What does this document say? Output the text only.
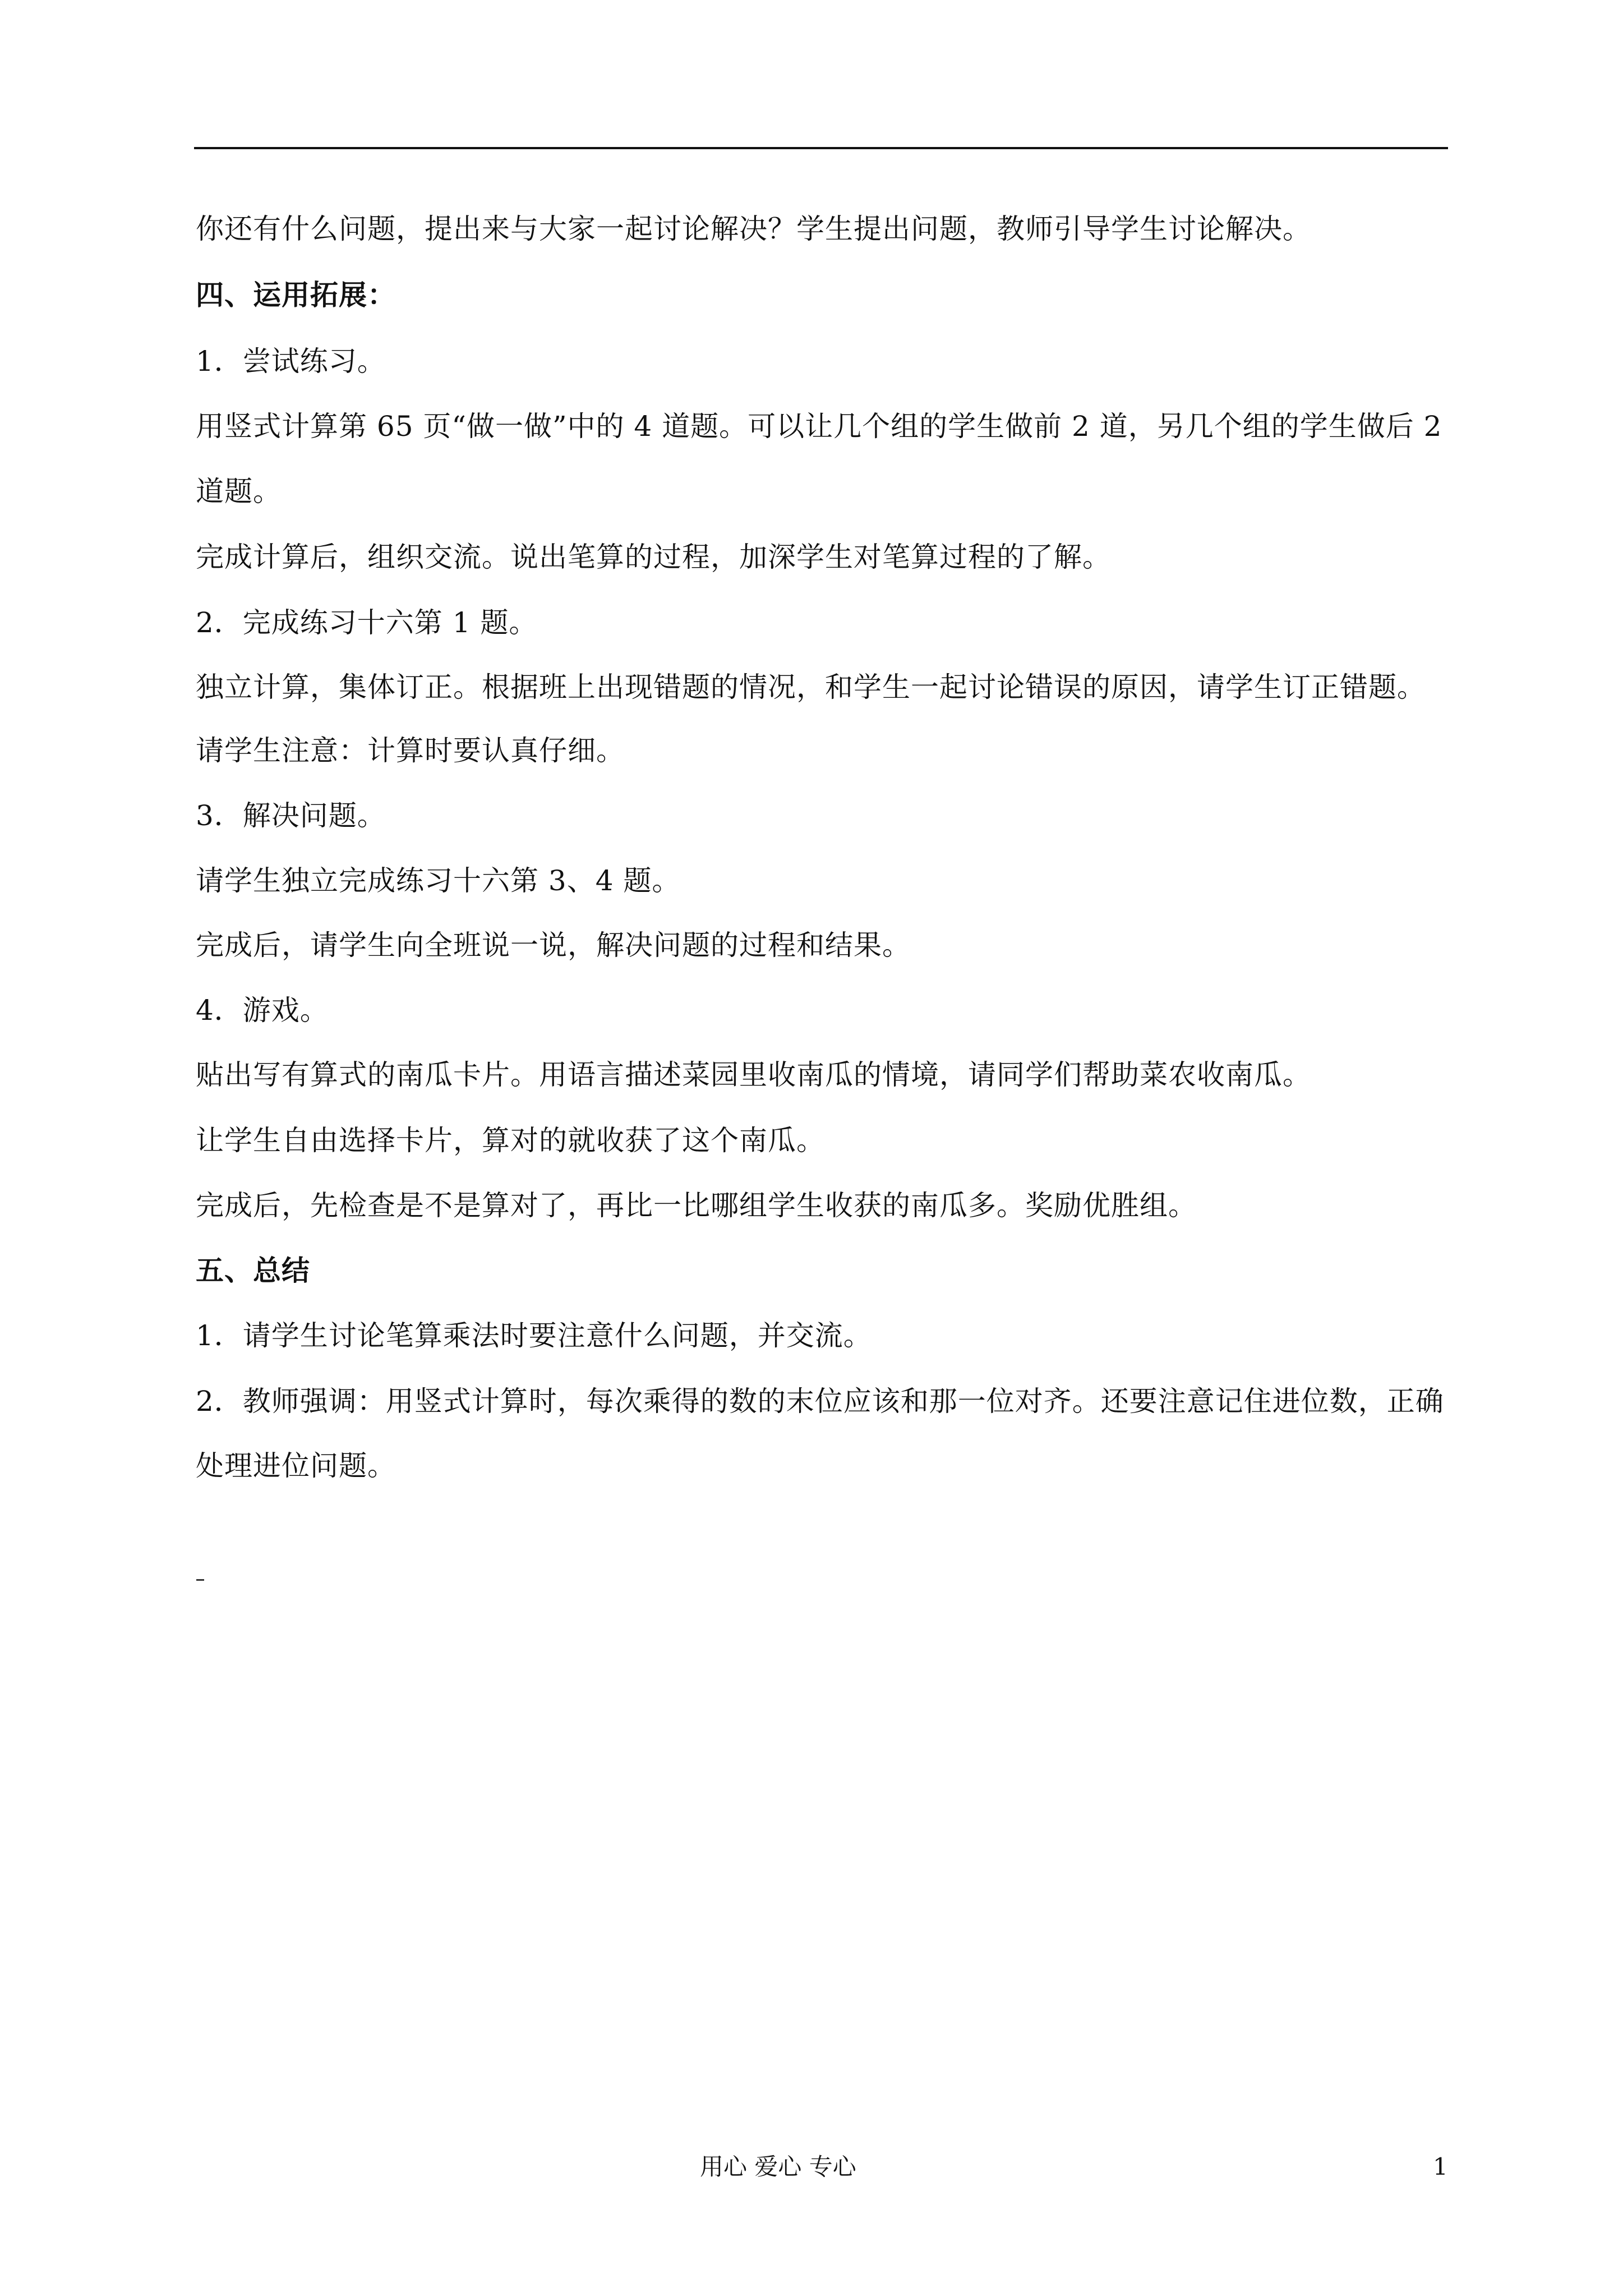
你还有什么问题，提出来与大家一起讨论解决？学生提出问题，教师引导学生讨论解决。
四、运用拓展：
1．尝试练习。
用竖式计算第 65 页“做一做”中的 4 道题。可以让几个组的学生做前 2 道，另几个组的学生做后 2
道题。
完成计算后，组织交流。说出笔算的过程，加深学生对笔算过程的了解。
2．完成练习十六第 1 题。
独立计算，集体订正。根据班上出现错题的情况，和学生一起讨论错误的原因，请学生订正错题。
请学生注意：计算时要认真仔细。
3．解决问题。
请学生独立完成练习十六第 3、4 题。
完成后，请学生向全班说一说，解决问题的过程和结果。
4．游戏。
贴出写有算式的南瓜卡片。用语言描述菜园里收南瓜的情境，请同学们帮助菜农收南瓜。
让学生自由选择卡片，算对的就收获了这个南瓜。
完成后，先检查是不是算对了，再比一比哪组学生收获的南瓜多。奖励优胜组。
五、总结
1．请学生讨论笔算乘法时要注意什么问题，并交流。
2．教师强调：用竖式计算时，每次乘得的数的末位应该和那一位对齐。还要注意记住进位数，正确
处理进位问题。
用心 爱心 专心	1
